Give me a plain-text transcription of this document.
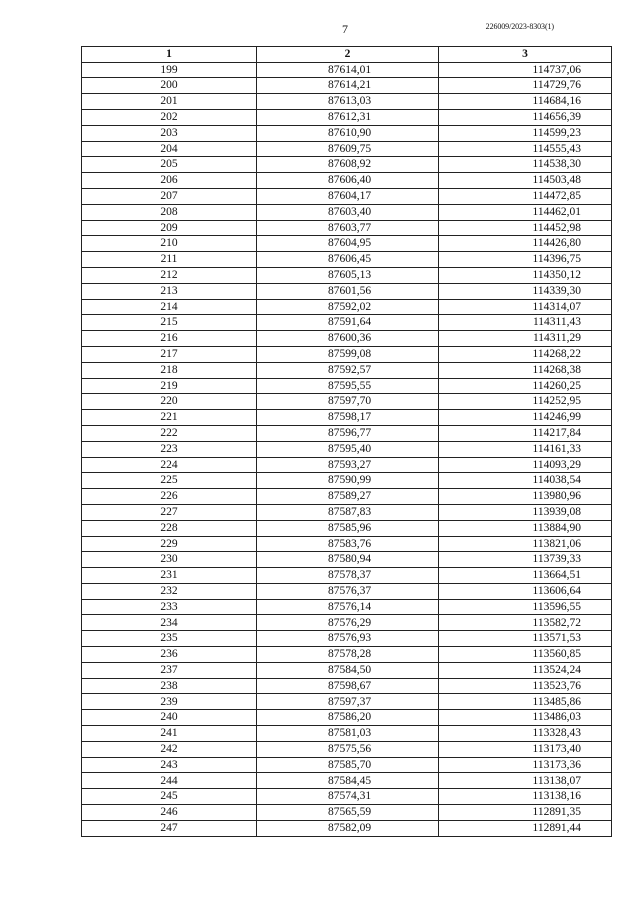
7	226009/2023-8303(1)
1	2	3
199	87614,01	114737,06
200	87614,21	114729,76
201	87613,03	114684,16
202	87612,31	114656,39
203	87610,90	114599,23
204	87609,75	114555,43
205	87608,92	114538,30
206	87606,40	114503,48
207	87604,17	114472,85
208	87603,40	114462,01
209	87603,77	114452,98
210	87604,95	114426,80
211	87606,45	114396,75
212	87605,13	114350,12
213	87601,56	114339,30
214	87592,02	114314,07
215	87591,64	114311,43
216	87600,36	114311,29
217	87599,08	114268,22
218	87592,57	114268,38
219	87595,55	114260,25
220	87597,70	114252,95
221	87598,17	114246,99
222	87596,77	114217,84
223	87595,40	114161,33
224	87593,27	114093,29
225	87590,99	114038,54
226	87589,27	113980,96
227	87587,83	113939,08
228	87585,96	113884,90
229	87583,76	113821,06
230	87580,94	113739,33
231	87578,37	113664,51
232	87576,37	113606,64
233	87576,14	113596,55
234	87576,29	113582,72
235	87576,93	113571,53
236	87578,28	113560,85
237	87584,50	113524,24
238	87598,67	113523,76
239	87597,37	113485,86
240	87586,20	113486,03
241	87581,03	113328,43
242	87575,56	113173,40
243	87585,70	113173,36
244	87584,45	113138,07
245	87574,31	113138,16
246	87565,59	112891,35
247	87582,09	112891,44
